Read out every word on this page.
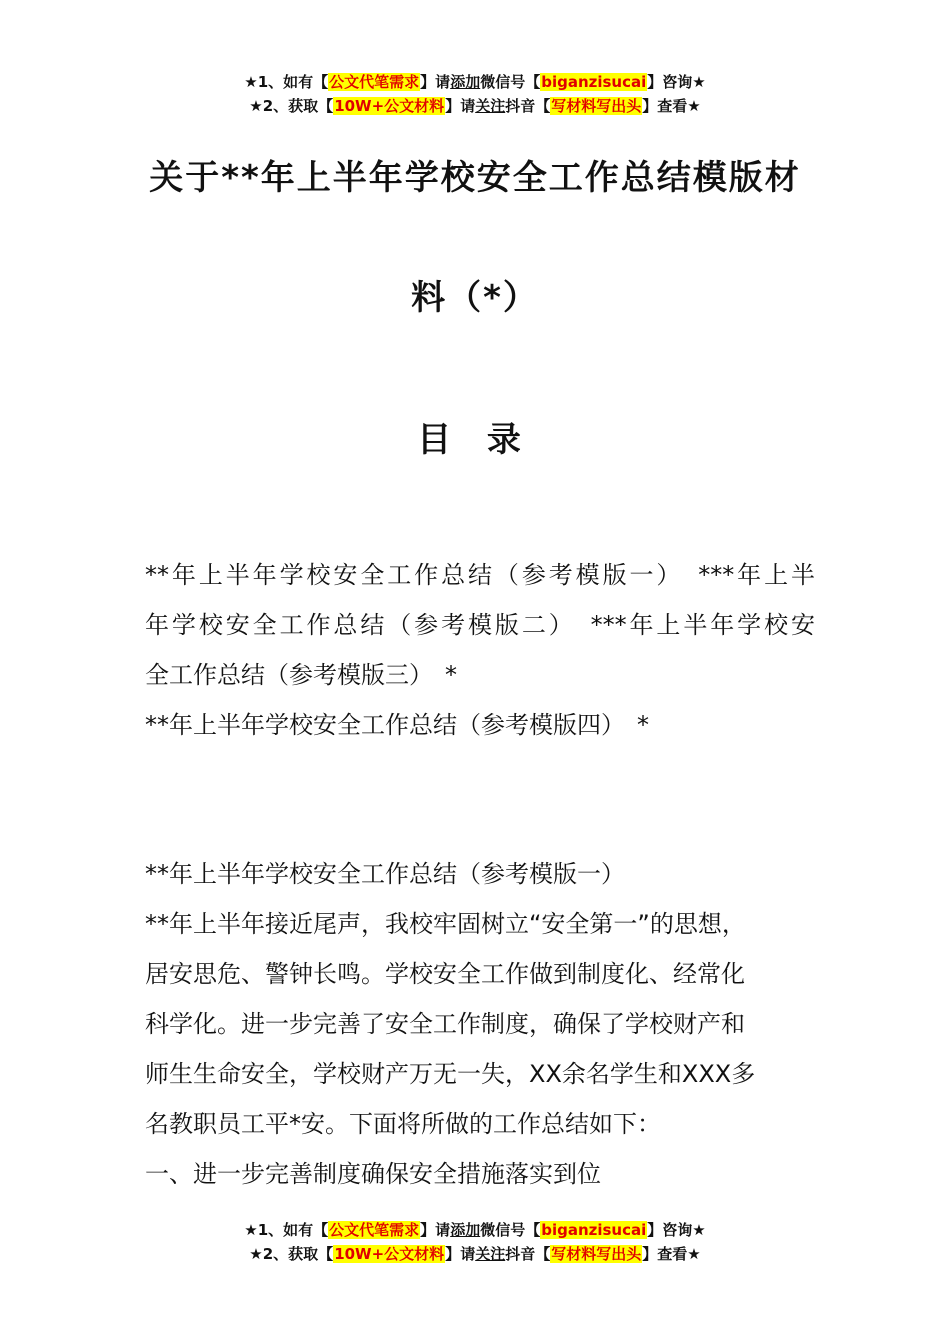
★1、如有【公文代笔需求】请添加微信号【biganzisucai】咨询★
★2、获取【10W+公文材料】请关注抖音【写材料写出头】查看★
关于**年上半年学校安全工作总结模版材
料（*）
目 录
**年上半年学校安全工作总结（参考模版一）　***年上半
年学校安全工作总结（参考模版二）　***年上半年学校安
全工作总结（参考模版三）　*
**年上半年学校安全工作总结（参考模版四）　*
**年上半年学校安全工作总结（参考模版一）
**年上半年接近尾声，我校牢固树立“安全第一”的思想，
居安思危、警钟长鸣。学校安全工作做到制度化、经常化
科学化。进一步完善了安全工作制度，确保了学校财产和
师生生命安全，学校财产万无一失，XX余名学生和XXX多
名教职员工平*安。下面将所做的工作总结如下：
一、进一步完善制度确保安全措施落实到位
★1、如有【公文代笔需求】请添加微信号【biganzisucai】咨询★
★2、获取【10W+公文材料】请关注抖音【写材料写出头】查看★
